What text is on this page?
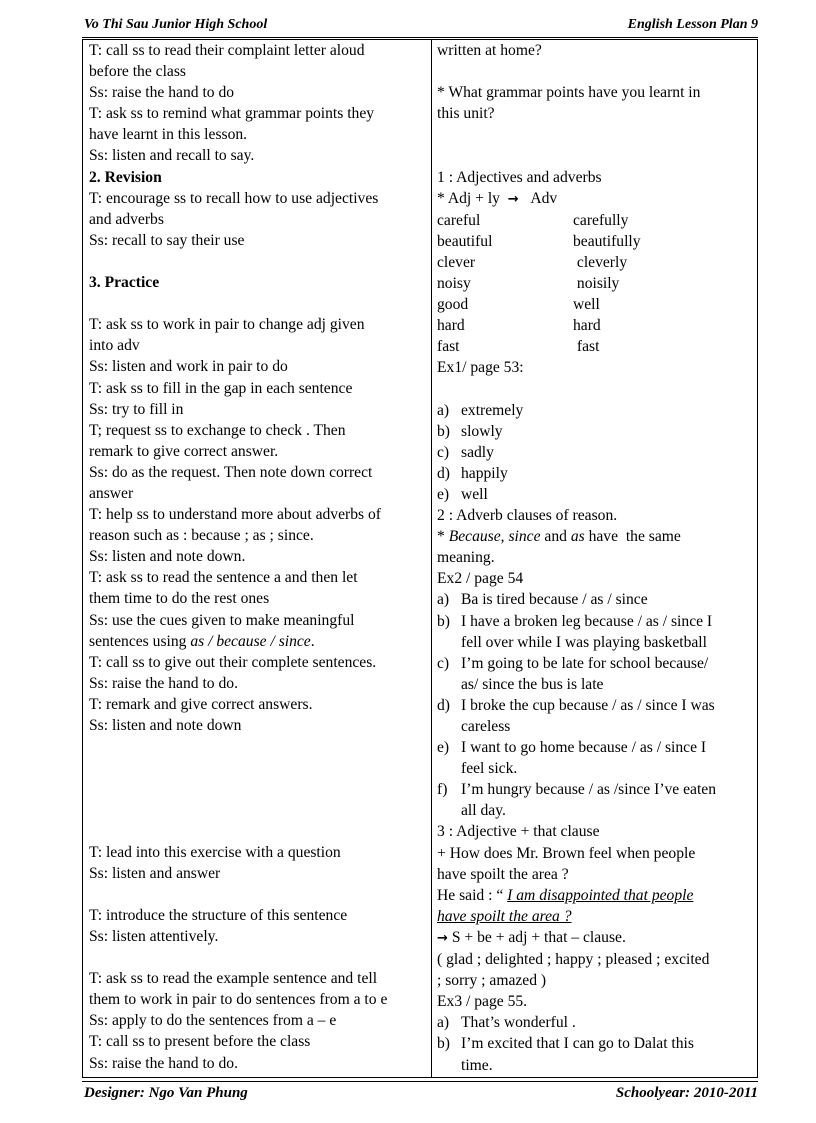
Vo Thi Sau Junior High School	English Lesson Plan 9

T: call ss to read their complaint letter aloud

before the class

Ss: raise the hand to do

T: ask ss to remind what grammar points they

have learnt in this lesson.

Ss: listen and recall to say.

2. Revision

T: encourage ss to recall how to use adjectives

and adverbs

Ss: recall to say their use

3. Practice

T: ask ss to work in pair to change adj given

into adv

Ss: listen and work in pair to do

T: ask ss to fill in the gap in each sentence

Ss: try to fill in

T; request ss to exchange to check . Then

remark to give correct answer.

Ss: do as the request. Then note down correct

answer

T: help ss to understand more about adverbs of

reason such as : because ; as ; since.

Ss: listen and note down.

T: ask ss to read the sentence a and then let

them time to do the rest ones

Ss: use the cues given to make meaningful

sentences using as / because / since.

T: call ss to give out their complete sentences.

Ss: raise the hand to do.

T: remark and give correct answers.

Ss: listen and note down

T: lead into this exercise with a question

Ss: listen and answer

T: introduce the structure of this sentence

Ss: listen attentively.

T: ask ss to read the example sentence and tell

them to work in pair to do sentences from a to e

Ss: apply to do the sentences from a – e

T: call ss to present before the class

Ss: raise the hand to do.

written at home?

* What grammar points have you learnt in

this unit?

1 : Adjectives and adverbs

* Adj + ly → Adv

careful	carefully
beautiful	beautifully
clever	cleverly
noisy	noisily
good	well
hard	hard
fast	fast

Ex1/ page 53:

a) extremely
b) slowly
c) sadly
d) happily
e) well

2 : Adverb clauses of reason.

* Because, since and as have  the same

meaning.

Ex2 / page 54

a) Ba is tired because / as / since
b) I have a broken leg because / as / since I

fell over while I was playing basketball

c) I’m going to be late for school because/

as/ since the bus is late

d) I broke the cup because / as / since I was

careless

e) I want to go home because / as / since I

feel sick.

f) I’m hungry because / as /since I’ve eaten

all day.

3 : Adjective + that clause

+ How does Mr. Brown feel when people

have spoilt the area ?

He said : “ I am disappointed that people

have spoilt the area ?

→ S + be + adj + that – clause.

( glad ; delighted ; happy ; pleased ; excited

; sorry ; amazed )

Ex3 / page 55.

a) That’s wonderful .
b) I’m excited that I can go to Dalat this

time.

Designer: Ngo Van Phung	Schoolyear: 2010-2011
